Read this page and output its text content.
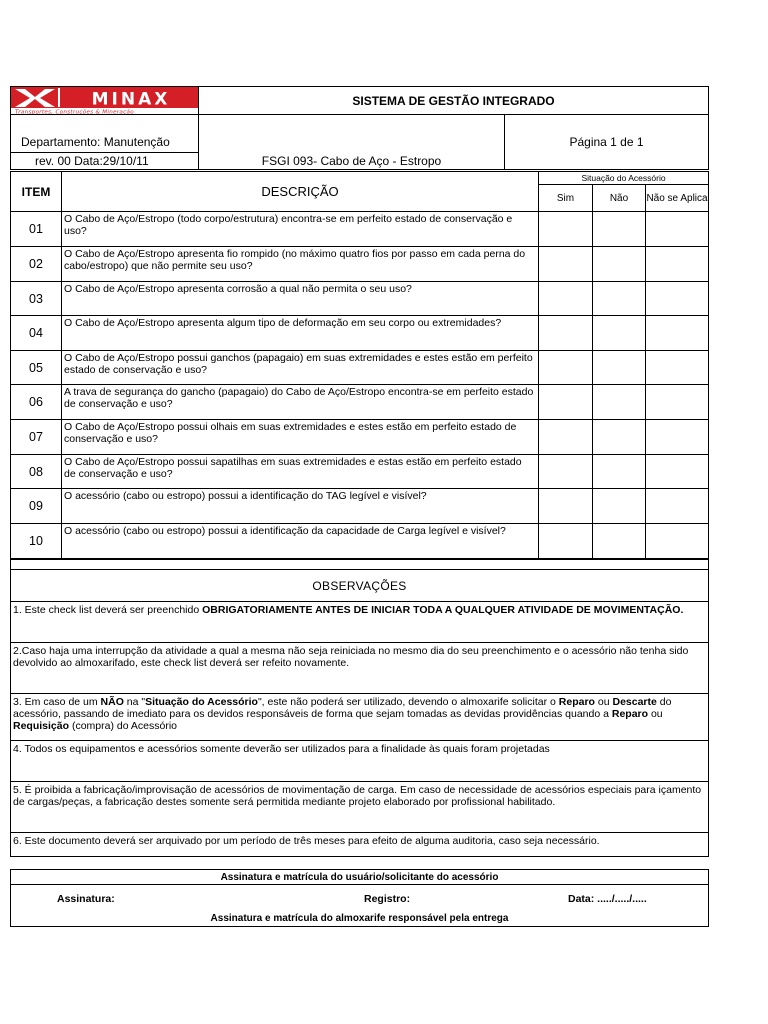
MINAX
Transportes, Construções & Mineração	SISTEMA DE GESTÃO INTEGRADO	
Departamento: Manutenção		Página 1 de 1
rev. 00 Data:29/10/11	FSGI 093- Cabo de Aço - Estropo	
ITEM	DESCRIÇÃO	Situação do Acessório		
		Sim	Não	Não se Aplica
01	O Cabo de Aço/Estropo (todo corpo/estrutura) encontra-se em perfeito estado de conservação e uso?			
02	O Cabo de Aço/Estropo apresenta fio rompido (no máximo quatro fios por passo em cada perna do cabo/estropo) que não permite seu uso?			
03	O Cabo de Aço/Estropo apresenta corrosão a qual não permita o seu uso?			
04	O Cabo de Aço/Estropo apresenta algum tipo de deformação em seu corpo ou extremidades?			
05	O Cabo de Aço/Estropo possui ganchos (papagaio) em suas extremidades e estes estão em perfeito estado de conservação e uso?			
06	A trava de segurança do gancho (papagaio) do Cabo de Aço/Estropo encontra-se em perfeito estado de conservação e uso?			
07	O Cabo de Aço/Estropo possui olhais em suas extremidades e estes estão em perfeito estado de conservação e uso?			
08	O Cabo de Aço/Estropo possui sapatilhas em suas extremidades e estas estão em perfeito estado de conservação e uso?			
09	O acessório (cabo ou estropo) possui a identificação do TAG legível e visível?			
10	O acessório (cabo ou estropo) possui a identificação da capacidade de Carga legível e visível?			

OBSERVAÇÕES
1. Este check list deverá ser preenchido OBRIGATORIAMENTE ANTES DE INICIAR TODA A QUALQUER ATIVIDADE DE MOVIMENTAÇÃO.
2.Caso haja uma interrupção da atividade a qual a mesma não seja reiniciada no mesmo dia do seu preenchimento e o acessório não tenha sido devolvido ao almoxarifado, este check list deverá ser refeito novamente.
3. Em caso de um NÃO na "Situação do Acessório", este não poderá ser utilizado, devendo o almoxarife solicitar o Reparo ou Descarte do acessório, passando de imediato para os devidos responsáveis de forma que sejam tomadas as devidas providências quando a Reparo ou Requisição (compra) do Acessório
4. Todos os equipamentos e acessórios somente deverão ser utilizados para a finalidade às quais foram projetadas
5. É proibida a fabricação/improvisação de acessórios de movimentação de carga. Em caso de necessidade de acessórios especiais para içamento de cargas/peças, a fabricação destes somente será permitida mediante projeto elaborado por profissional habilitado.
6. Este documento deverá ser arquivado por um período de três meses para efeito de alguma auditoria, caso seja necessário.
Assinatura e matrícula do usuário/solicitante do acessório

Assinatura:	Registro:	Data: ...../...../.....

Assinatura e matrícula do almoxarife responsável pela entrega
